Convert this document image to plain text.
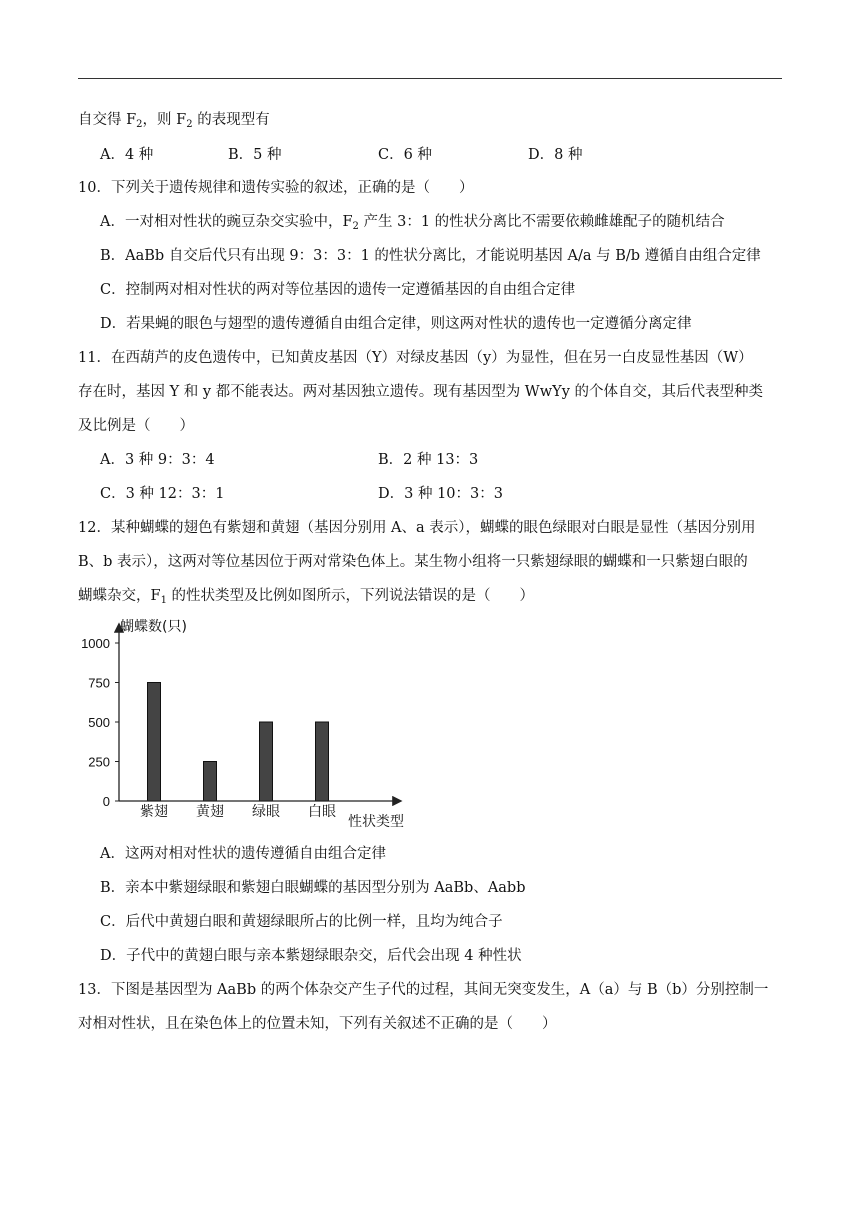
自交得 $F_2$，则 $F_2$ 的表现型有
A．4 种	B．5 种	C．6 种	D．8 种
10．下列关于遗传规律和遗传实验的叙述，正确的是（　　）
A．一对相对性状的豌豆杂交实验中，$F_2$ 产生 3：1 的性状分离比不需要依赖雌雄配子的随机结合
B．AaBb 自交后代只有出现 9：3：3：1 的性状分离比，才能说明基因 A/a 与 B/b 遵循自由组合定律
C．控制两对相对性状的两对等位基因的遗传一定遵循基因的自由组合定律
D．若果蝇的眼色与翅型的遗传遵循自由组合定律，则这两对性状的遗传也一定遵循分离定律
11．在西葫芦的皮色遗传中，已知黄皮基因（Y）对绿皮基因（y）为显性，但在另一白皮显性基因（W）
存在时，基因 Y 和 y 都不能表达。两对基因独立遗传。现有基因型为 WwYy 的个体自交，其后代表型种类
及比例是（　　）
A．3 种 9：3：4	B．2 种 13：3
C．3 种 12：3：1	D．3 种 10：3：3
12．某种蝴蝶的翅色有紫翅和黄翅（基因分别用 A、a 表示），蝴蝶的眼色绿眼对白眼是显性（基因分别用
B、b 表示），这两对等位基因位于两对常染色体上。某生物小组将一只紫翅绿眼的蝴蝶和一只紫翅白眼的
蝴蝶杂交，$F_1$ 的性状类型及比例如图所示，下列说法错误的是（　　）
蝴蝶数(只)
性状类型
0
250
500
750
1000
紫翅 黄翅 绿眼 白眼
A．这两对相对性状的遗传遵循自由组合定律
B．亲本中紫翅绿眼和紫翅白眼蝴蝶的基因型分别为 AaBb、Aabb
C．后代中黄翅白眼和黄翅绿眼所占的比例一样，且均为纯合子
D．子代中的黄翅白眼与亲本紫翅绿眼杂交，后代会出现 4 种性状
13．下图是基因型为 AaBb 的两个体杂交产生子代的过程，其间无突变发生，A（a）与 B（b）分别控制一
对相对性状，且在染色体上的位置未知，下列有关叙述不正确的是（　　）
